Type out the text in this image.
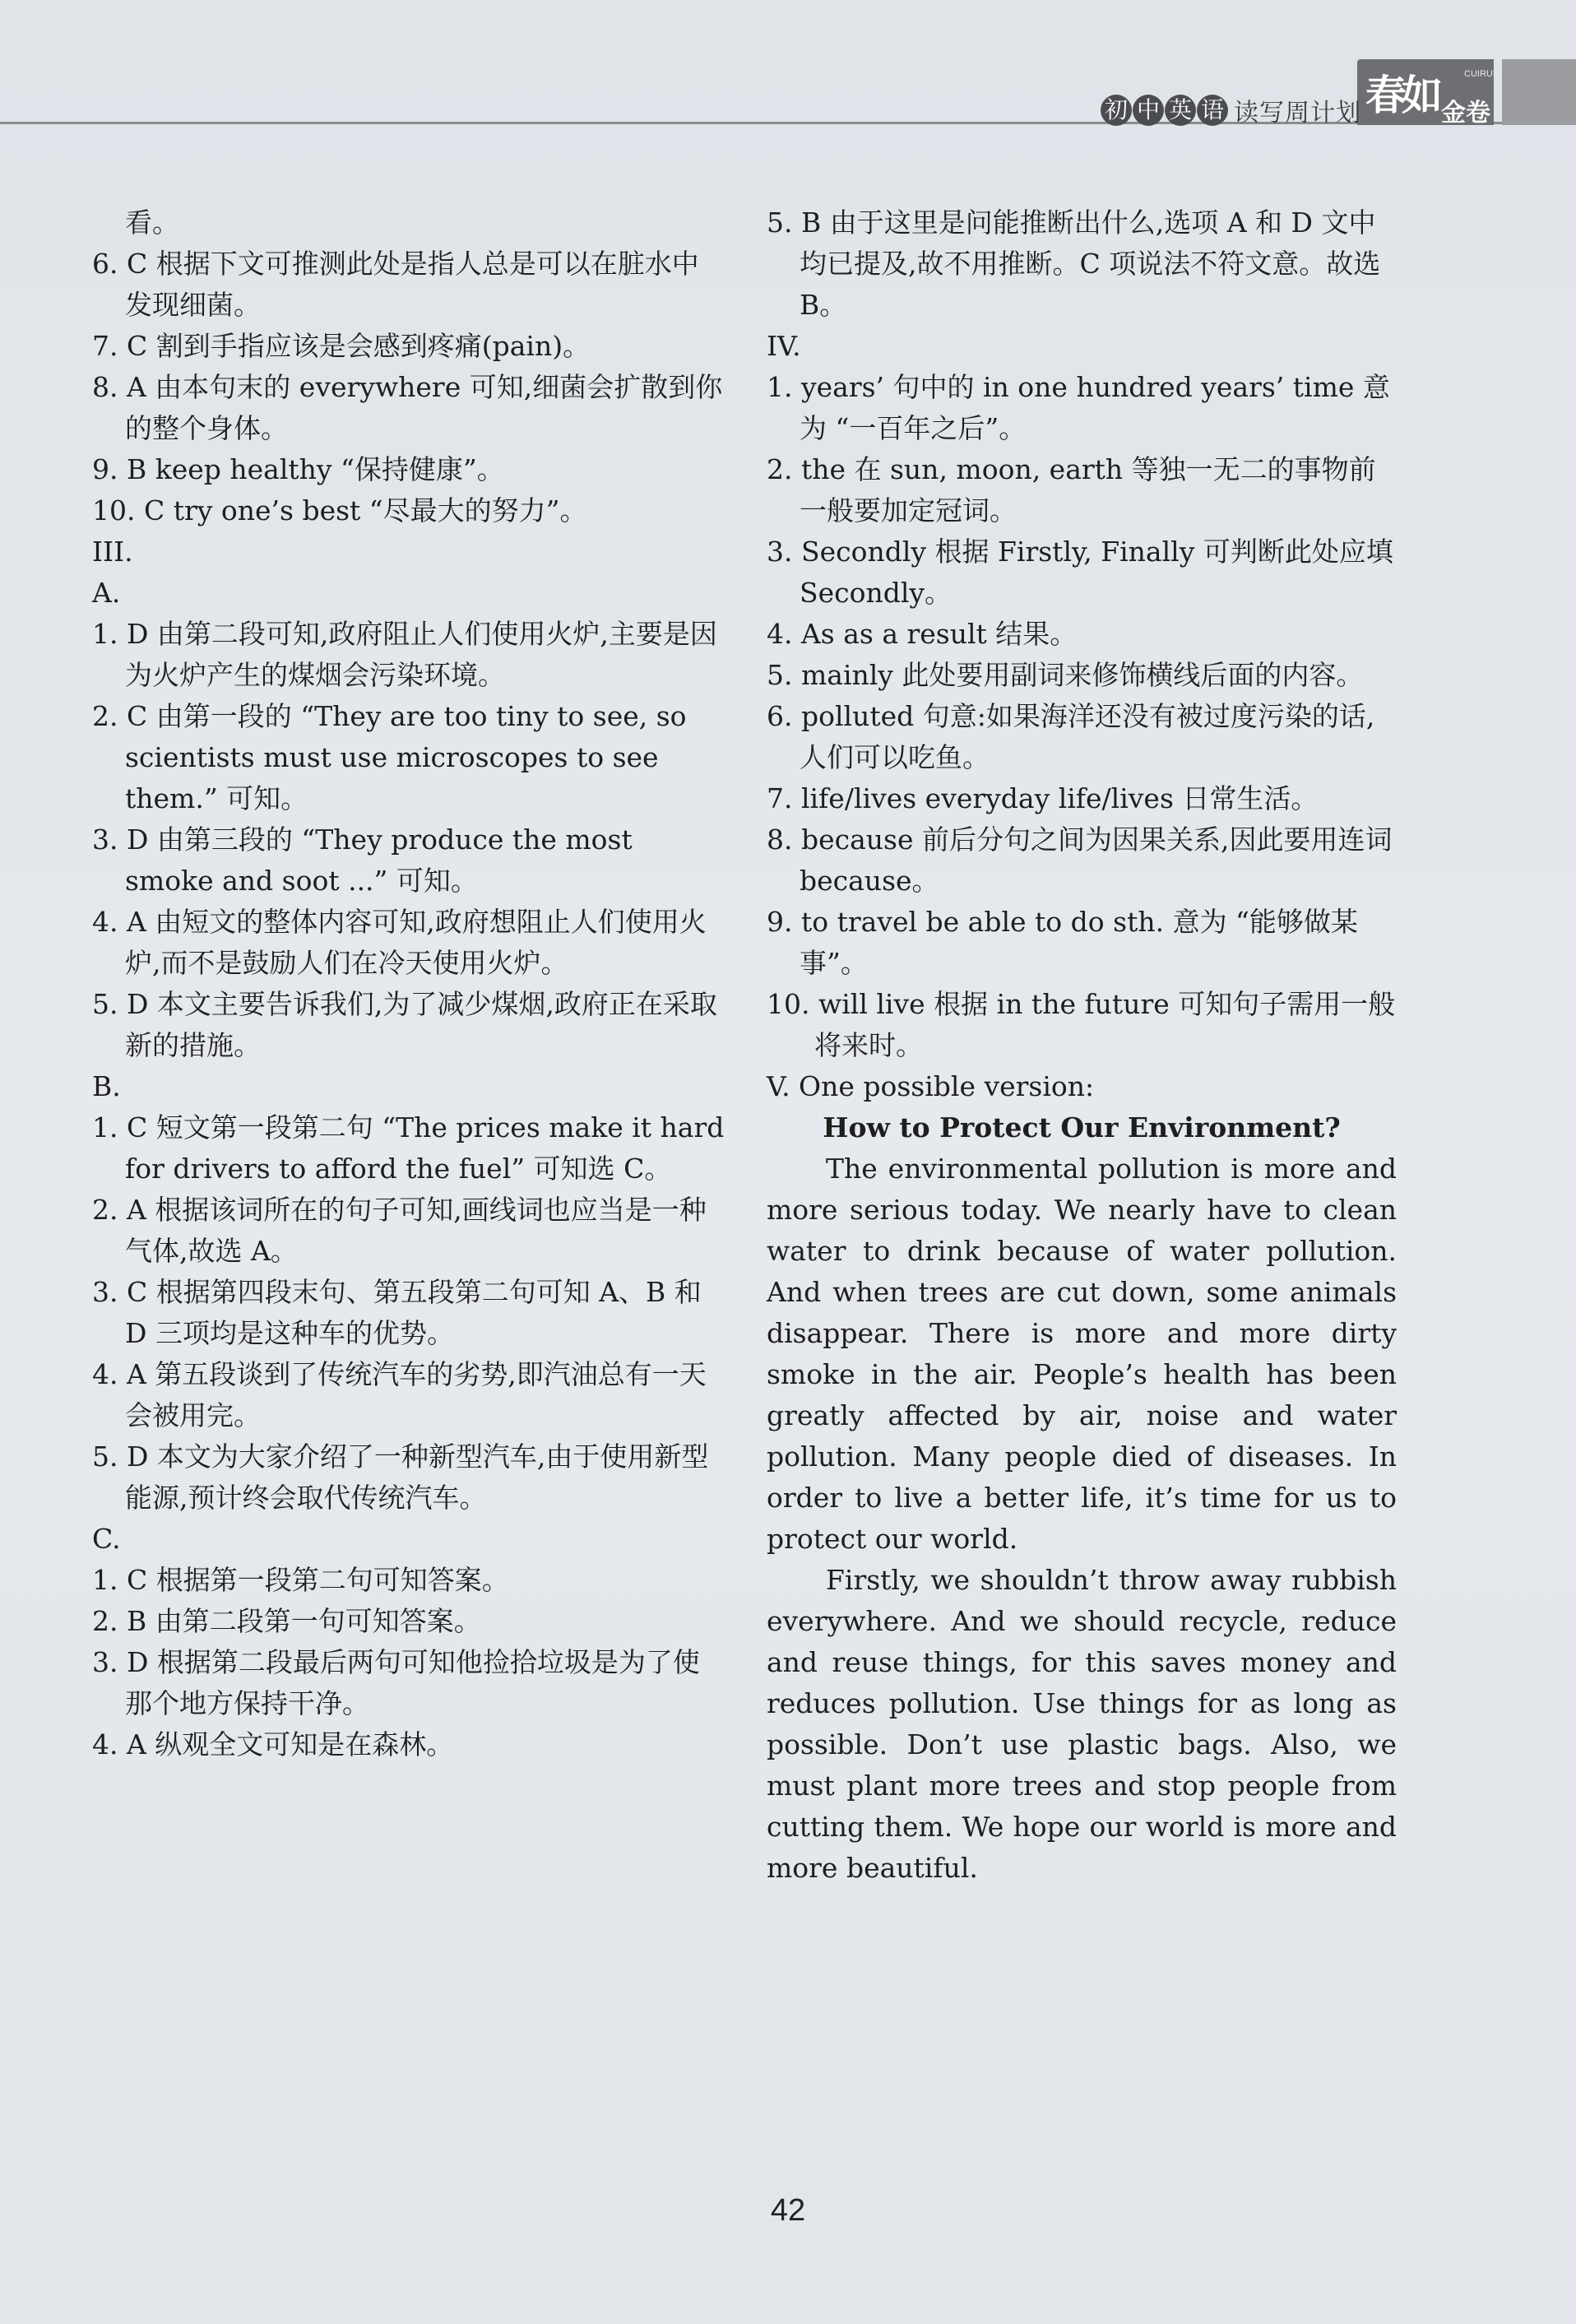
春如	CUIRUIC
金卷
初 中 英 语 读写周计划
看。
6. C 根据下文可推测此处是指人总是可以在脏水中发现细菌。
7. C 割到手指应该是会感到疼痛(pain)。
8. A 由本句末的 everywhere 可知,细菌会扩散到你的整个身体。
9. B keep healthy “保持健康”。
10. C try one’s best “尽最大的努力”。
III.
A.
1. D 由第二段可知,政府阻止人们使用火炉,主要是因为火炉产生的煤烟会污染环境。
2. C 由第一段的 “They are too tiny to see, so scientists must use microscopes to see them.” 可知。
3. D 由第三段的 “They produce the most smoke and soot ...” 可知。
4. A 由短文的整体内容可知,政府想阻止人们使用火炉,而不是鼓励人们在冷天使用火炉。
5. D 本文主要告诉我们,为了减少煤烟,政府正在采取新的措施。
B.
1. C 短文第一段第二句 “The prices make it hard for drivers to afford the fuel” 可知选 C。
2. A 根据该词所在的句子可知,画线词也应当是一种气体,故选 A。
3. C 根据第四段末句、第五段第二句可知 A、B 和 D 三项均是这种车的优势。
4. A 第五段谈到了传统汽车的劣势,即汽油总有一天会被用完。
5. D 本文为大家介绍了一种新型汽车,由于使用新型能源,预计终会取代传统汽车。
C.
1. C 根据第一段第二句可知答案。
2. B 由第二段第一句可知答案。
3. D 根据第二段最后两句可知他捡拾垃圾是为了使那个地方保持干净。
4. A 纵观全文可知是在森林。
5. B 由于这里是问能推断出什么,选项 A 和 D 文中均已提及,故不用推断。C 项说法不符文意。故选 B。
IV.
1. years’ 句中的 in one hundred years’ time 意为 “一百年之后”。
2. the 在 sun, moon, earth 等独一无二的事物前一般要加定冠词。
3. Secondly 根据 Firstly, Finally 可判断此处应填 Secondly。
4. As as a result 结果。
5. mainly 此处要用副词来修饰横线后面的内容。
6. polluted 句意:如果海洋还没有被过度污染的话,人们可以吃鱼。
7. life/lives everyday life/lives 日常生活。
8. because 前后分句之间为因果关系,因此要用连词 because。
9. to travel be able to do sth. 意为 “能够做某事”。
10. will live 根据 in the future 可知句子需用一般将来时。
V. One possible version:
How to Protect Our Environment?
The environmental pollution is more and more serious today. We nearly have to clean water to drink because of water pollution. And when trees are cut down, some animals disappear. There is more and more dirty smoke in the air. People’s health has been greatly affected by air, noise and water pollution. Many people died of diseases. In order to live a better life, it’s time for us to protect our world.
Firstly, we shouldn’t throw away rubbish everywhere. And we should recycle, reduce and reuse things, for this saves money and reduces pollution. Use things for as long as possible. Don’t use plastic bags. Also, we must plant more trees and stop people from cutting them. We hope our world is more and more beautiful.
42
